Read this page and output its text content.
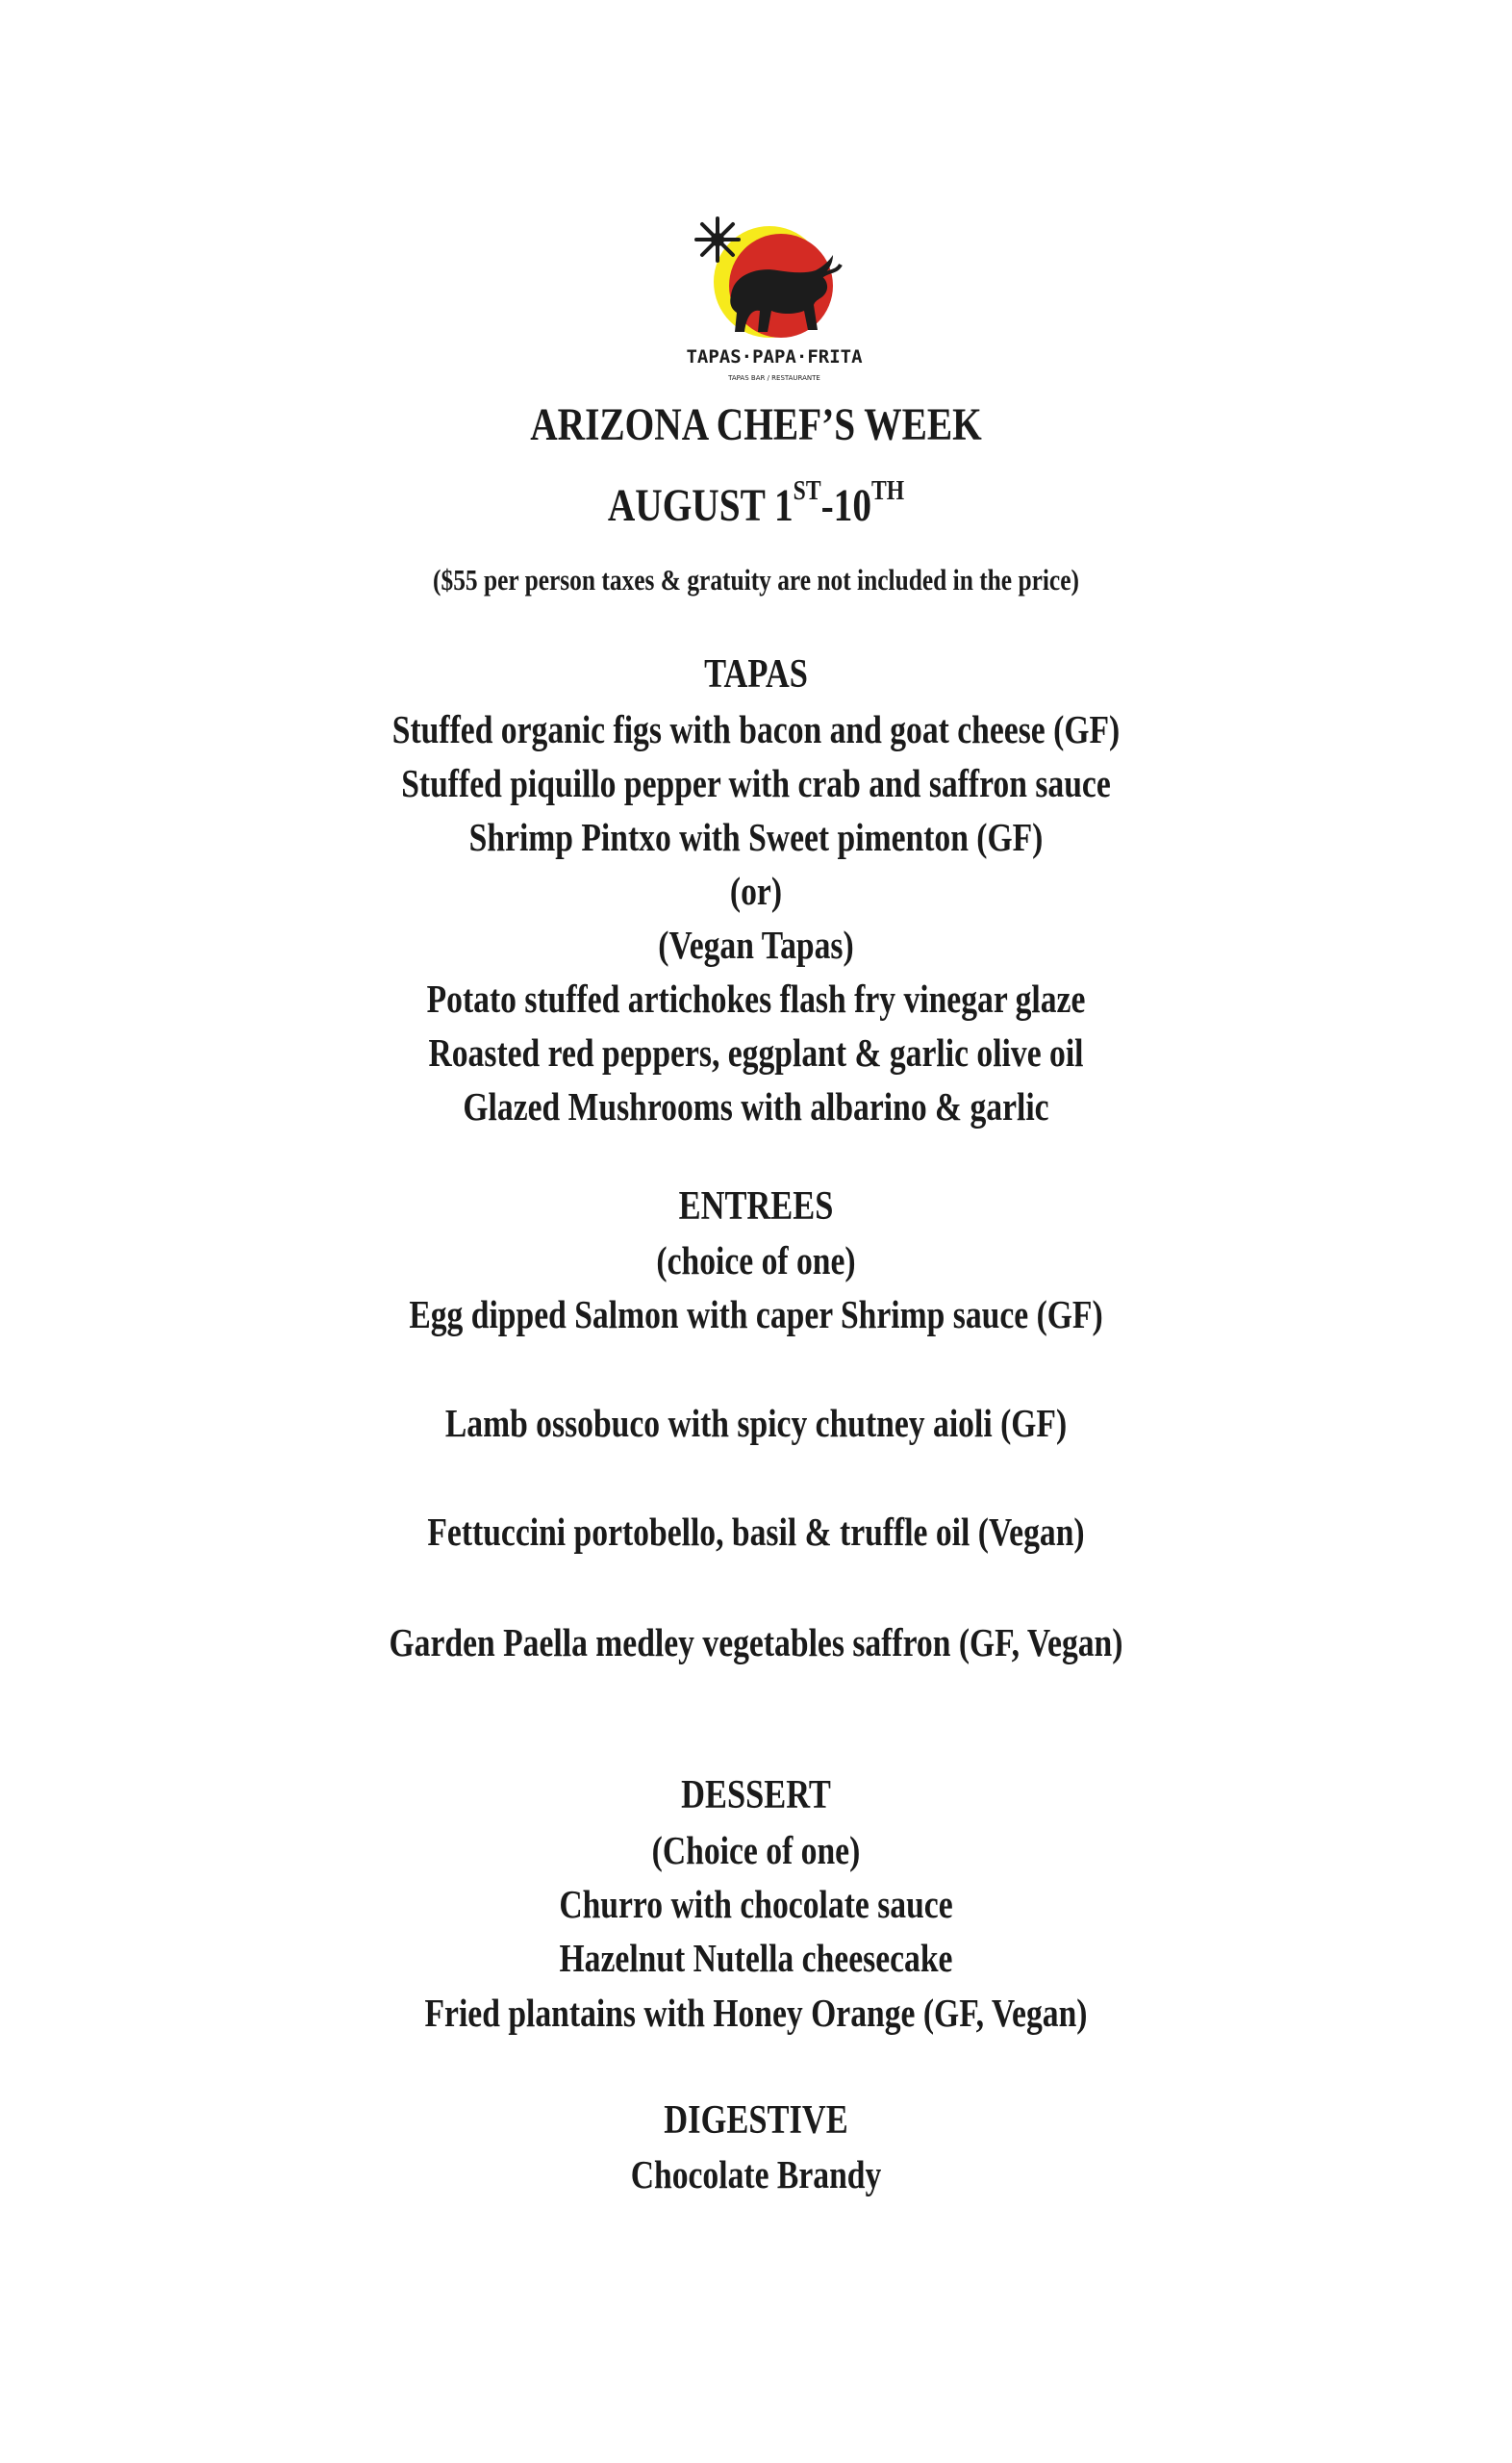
TAPAS·PAPA·FRITA
TAPAS BAR / RESTAURANTE
ARIZONA CHEF’S WEEK
AUGUST 1ST-10TH
($55 per person taxes & gratuity are not included in the price)
TAPAS
Stuffed organic figs with bacon and goat cheese (GF)
Stuffed piquillo pepper with crab and saffron sauce
Shrimp Pintxo with Sweet pimenton (GF)
(or)
(Vegan Tapas)
Potato stuffed artichokes flash fry vinegar glaze
Roasted red peppers, eggplant & garlic olive oil
Glazed Mushrooms with albarino & garlic
ENTREES
(choice of one)
Egg dipped Salmon with caper Shrimp sauce (GF)
Lamb ossobuco with spicy chutney aioli (GF)
Fettuccini portobello, basil & truffle oil (Vegan)
Garden Paella medley vegetables saffron (GF, Vegan)
DESSERT
(Choice of one)
Churro with chocolate sauce
Hazelnut Nutella cheesecake
Fried plantains with Honey Orange (GF, Vegan)
DIGESTIVE
Chocolate Brandy
